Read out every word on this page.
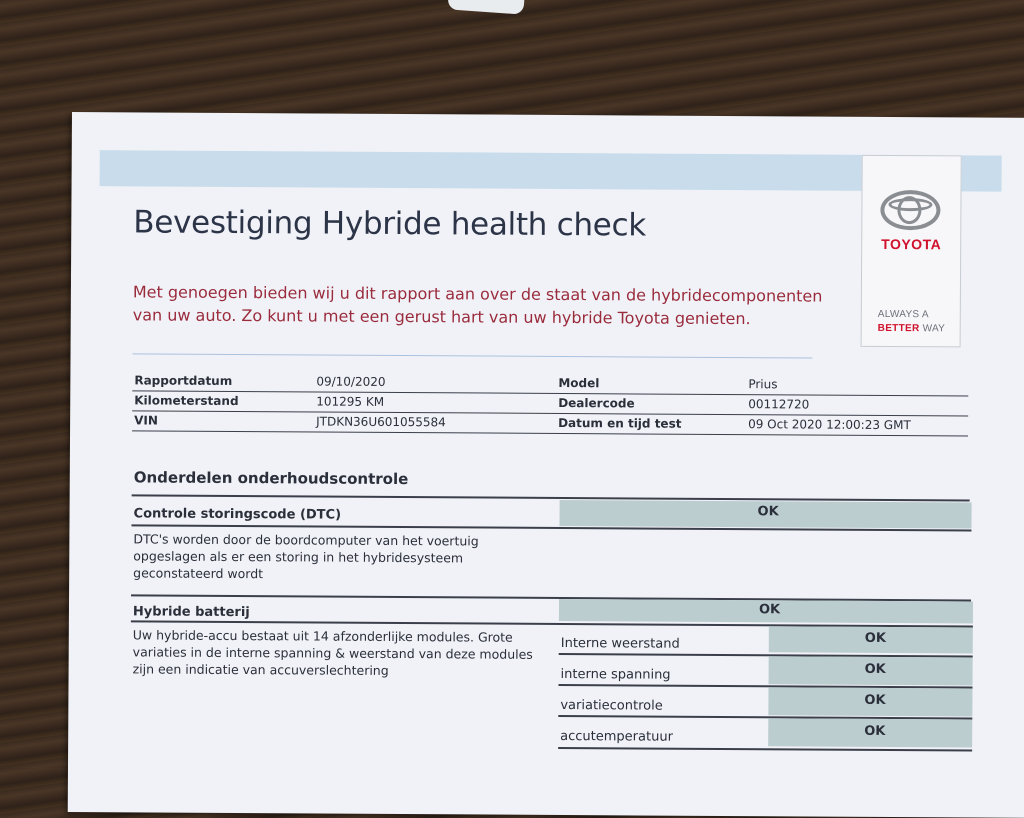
TOYOTA
ALWAYS A
BETTER WAY
Bevestiging Hybride health check
Met genoegen bieden wij u dit rapport aan over de staat van de hybridecomponenten van uw auto. Zo kunt u met een gerust hart van uw hybride Toyota genieten.
Rapportdatum	09/10/2020	Model	Prius
Kilometerstand	101295 KM	Dealercode	00112720
VIN	JTDKN36U601055584	Datum en tijd test	09 Oct 2020 12:00:23 GMT
Onderdelen onderhoudscontrole
Controle storingscode (DTC)	OK
DTC's worden door de boordcomputer van het voertuig
opgeslagen als er een storing in het hybridesysteem
geconstateerd wordt
Hybride batterij	OK
Uw hybride-accu bestaat uit 14 afzonderlijke modules. Grote
variaties in de interne spanning & weerstand van deze modules
zijn een indicatie van accuverslechtering
Interne weerstand	OK
interne spanning	OK
variatiecontrole	OK
accutemperatuur	OK
